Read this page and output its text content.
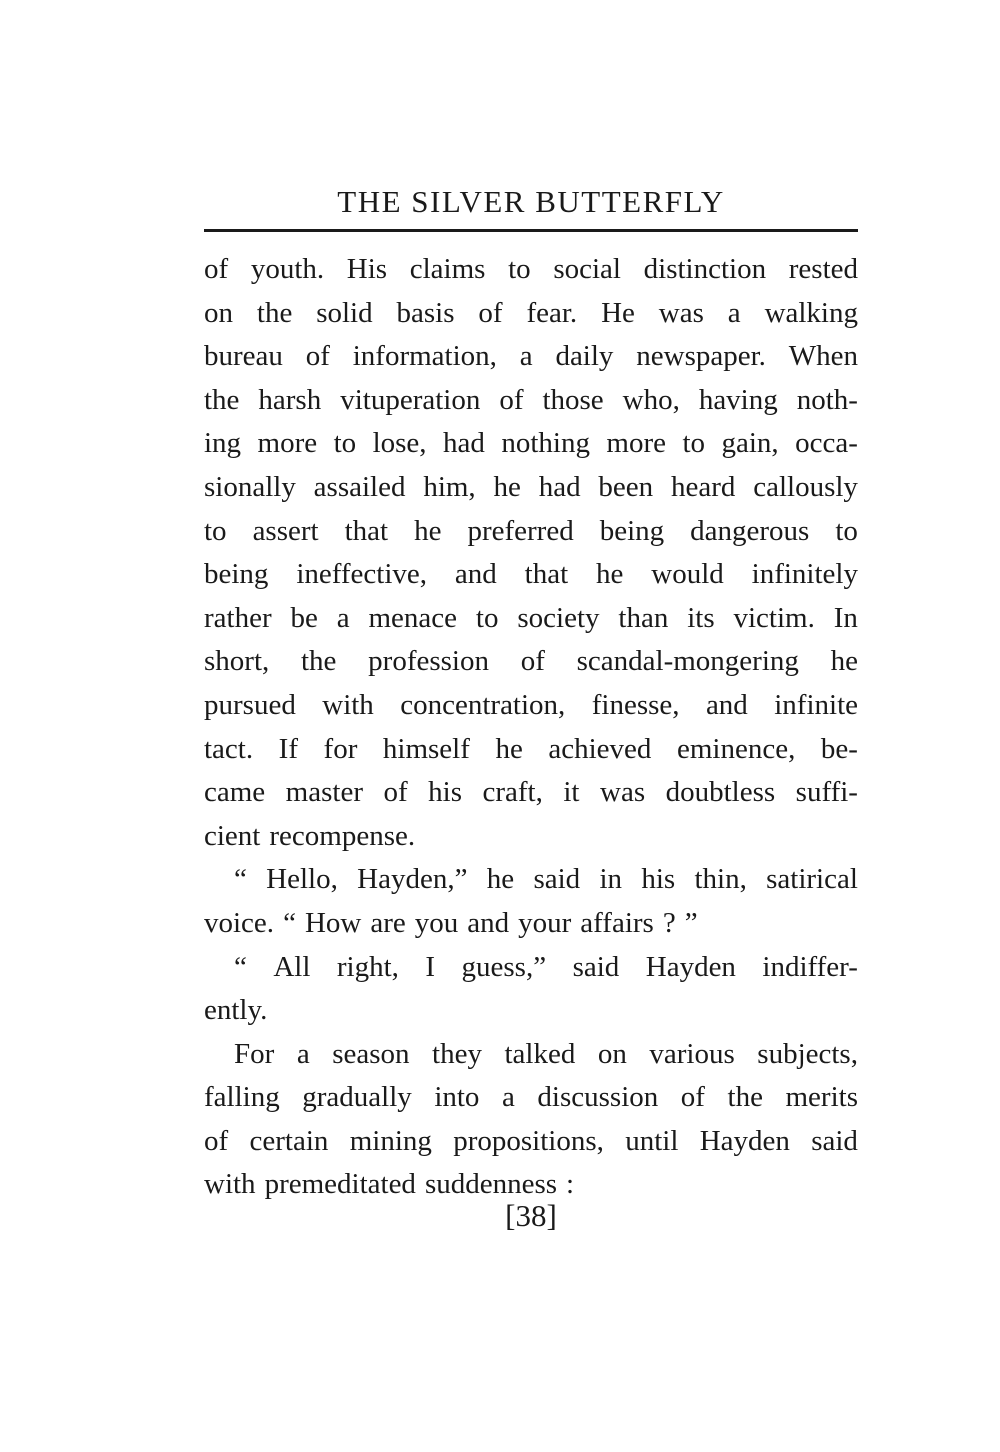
THE SILVER BUTTERFLY
of youth. His claims to social distinction rested
on the solid basis of fear. He was a walking
bureau of information, a daily newspaper. When
the harsh vituperation of those who, having noth-
ing more to lose, had nothing more to gain, occa-
sionally assailed him, he had been heard callously
to assert that he preferred being dangerous to
being ineffective, and that he would infinitely
rather be a menace to society than its victim. In
short, the profession of scandal-mongering he
pursued with concentration, finesse, and infinite
tact. If for himself he achieved eminence, be-
came master of his craft, it was doubtless suffi-
cient recompense.
“ Hello, Hayden,” he said in his thin, satirical
voice. “ How are you and your affairs ? ”
“ All right, I guess,” said Hayden indiffer-
ently.
For a season they talked on various subjects,
falling gradually into a discussion of the merits
of certain mining propositions, until Hayden said
with premeditated suddenness :
[38]
